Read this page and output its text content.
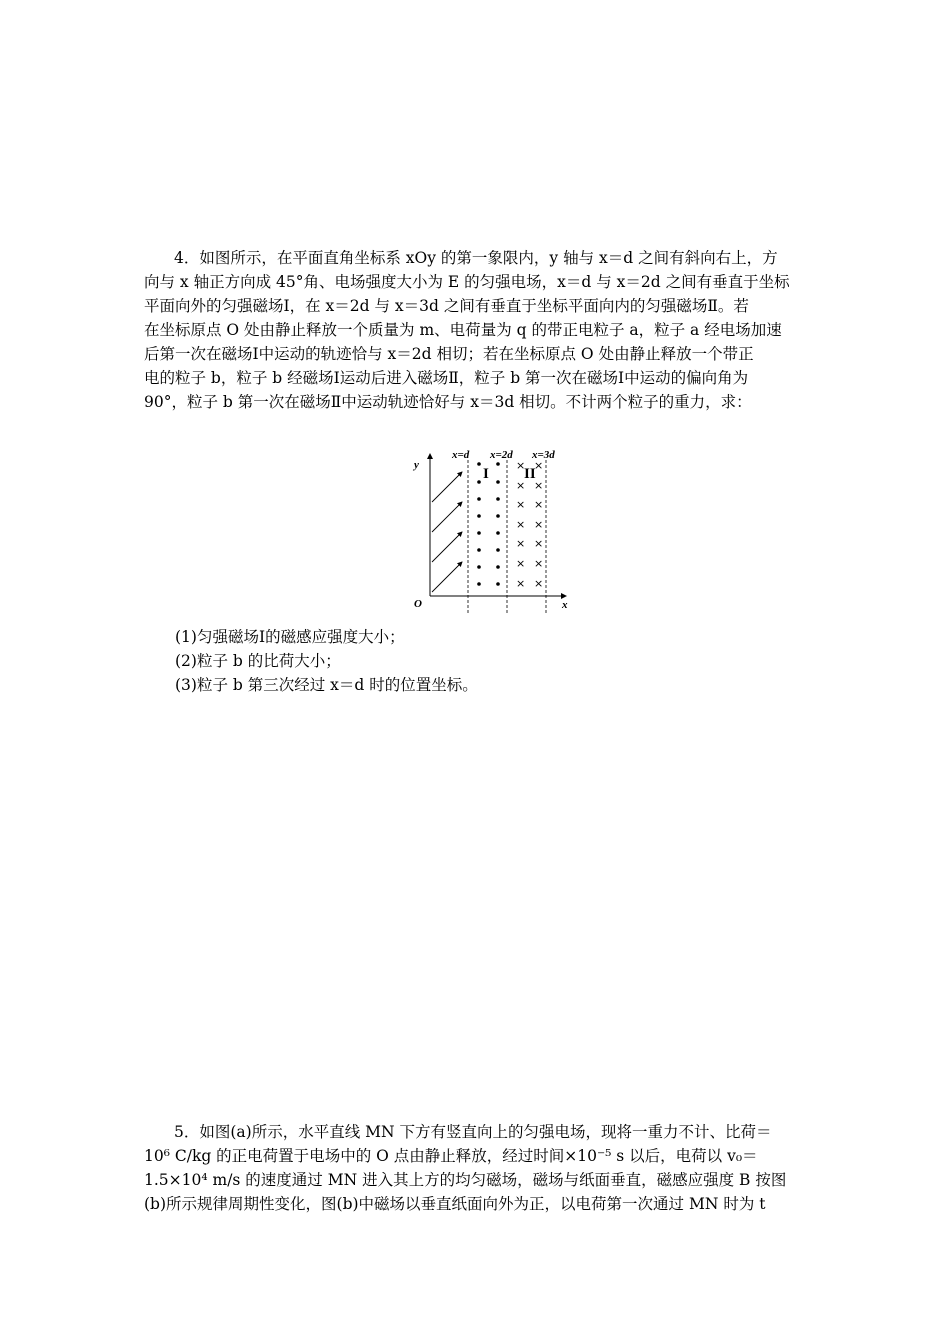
4．如图所示，在平面直角坐标系 xOy 的第一象限内，y 轴与 x＝d 之间有斜向右上，方
向与 x 轴正方向成 45°角、电场强度大小为 E 的匀强电场，x＝d 与 x＝2d 之间有垂直于坐标
平面向外的匀强磁场Ⅰ，在 x＝2d 与 x＝3d 之间有垂直于坐标平面向内的匀强磁场Ⅱ。若
在坐标原点 O 处由静止释放一个质量为 m、电荷量为 q 的带正电粒子 a，粒子 a 经电场加速
后第一次在磁场Ⅰ中运动的轨迹恰与 x＝2d 相切；若在坐标原点 O 处由静止释放一个带正
电的粒子 b，粒子 b 经磁场Ⅰ运动后进入磁场Ⅱ，粒子 b 第一次在磁场Ⅰ中运动的偏向角为
90°，粒子 b 第一次在磁场Ⅱ中运动轨迹恰好与 x＝3d 相切。不计两个粒子的重力，求：
y
x
O
x=d x=2d x=3d
I II
× ×
× ×
× ×
× ×
× ×
× ×
× ×
(1)匀强磁场Ⅰ的磁感应强度大小；
(2)粒子 b 的比荷大小；
(3)粒子 b 第三次经过 x＝d 时的位置坐标。
5．如图(a)所示，水平直线 MN 下方有竖直向上的匀强电场，现将一重力不计、比荷＝
10⁶ C/kg 的正电荷置于电场中的 O 点由静止释放，经过时间×10⁻⁵ s 以后，电荷以 v₀＝
1.5×10⁴ m/s 的速度通过 MN 进入其上方的均匀磁场，磁场与纸面垂直，磁感应强度 B 按图
(b)所示规律周期性变化，图(b)中磁场以垂直纸面向外为正，以电荷第一次通过 MN 时为 t
